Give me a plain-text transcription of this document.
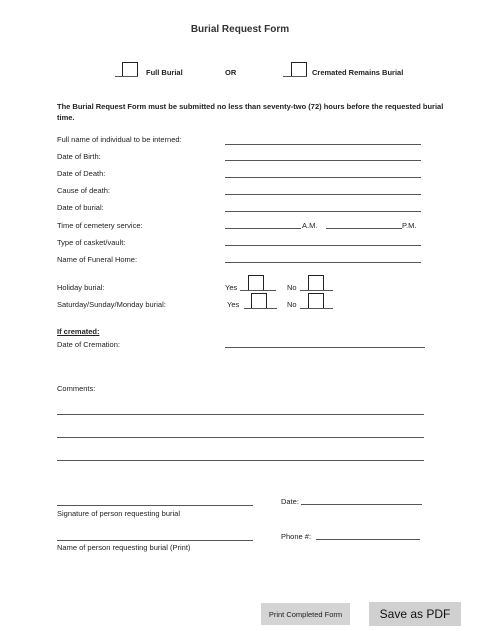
Burial Request Form
Full Burial	OR	Cremated Remains Burial
The Burial Request Form must be submitted no less than seventy-two (72) hours before the requested burial time.
Full name of individual to be interned:
Date of Birth:
Date of Death:
Cause of death:
Date of burial:
Time of cemetery service:	A.M.	P.M.
Type of casket/vault:
Name of Funeral Home:
Holiday burial:	Yes	No
Saturday/Sunday/Monday burial:	Yes	No
If cremated:
Date of Cremation:
Comments:
Signature of person requesting burial
Date:
Name of person requesting burial (Print)
Phone #:
Print Completed Form	Save as PDF
